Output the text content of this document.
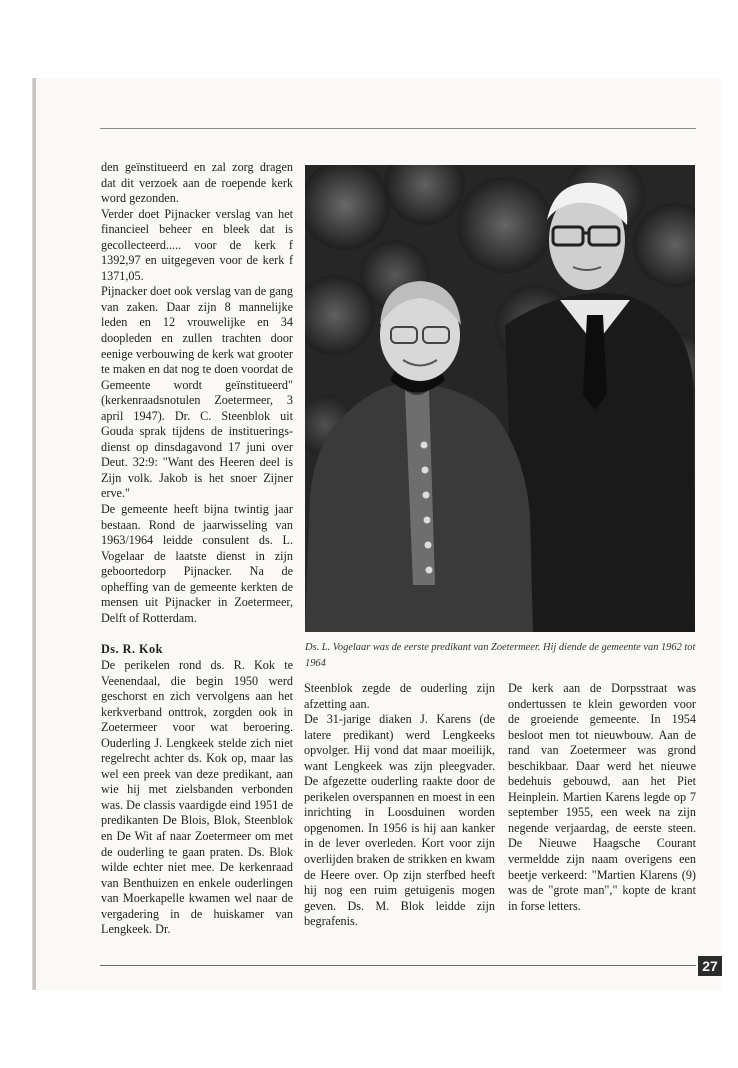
den geïnstitueerd en zal zorg dragen dat dit verzoek aan de roepende kerk word gezonden.

Verder doet Pijnacker verslag van het financieel beheer en bleek dat is gecollecteerd..... voor de kerk f 1392,97 en uitgegeven voor de kerk f 1371,05.

Pijnacker doet ook verslag van de gang van zaken. Daar zijn 8 mannelijke leden en 12 vrouwelijke en 34 doopleden en zullen trachten door eenige verbouwing de kerk wat grooter te maken en dat nog te doen voordat de Gemeente wordt geïnstitueerd" (kerkenraadsnotulen Zoetermeer, 3 april 1947). Dr. C. Steenblok uit Gouda sprak tijdens de institueringsdienst op dinsdagavond 17 juni over Deut. 32:9: "Want des Heeren deel is Zijn volk. Jakob is het snoer Zijner erve."

De gemeente heeft bijna twintig jaar bestaan. Rond de jaarwisseling van 1963/1964 leidde consulent ds. L. Vogelaar de laatste dienst in zijn geboortedorp Pijnacker. Na de opheffing van de gemeente kerkten de mensen uit Pijnacker in Zoetermeer, Delft of Rotterdam.

Ds. R. Kok

De perikelen rond ds. R. Kok te Veenendaal, die begin 1950 werd geschorst en zich vervolgens aan het kerkverband onttrok, zorgden ook in Zoetermeer voor wat beroering. Ouderling J. Lengkeek stelde zich niet regelrecht achter ds. Kok op, maar las wel een preek van deze predikant, aan wie hij met zielsbanden verbonden was. De classis vaardigde eind 1951 de predikanten De Blois, Blok, Steenblok en De Wit af naar Zoetermeer om met de ouderling te gaan praten. Ds. Blok wilde echter niet mee. De kerkenraad van Benthuizen en enkele ouderlingen van Moerkapelle kwamen wel naar de vergadering in de huiskamer van Lengkeek. Dr.

Ds. L. Vogelaar was de eerste predikant van Zoetermeer. Hij diende de gemeente van 1962 tot 1964

Steenblok zegde de ouderling zijn afzetting aan.

De 31-jarige diaken J. Karens (de latere predikant) werd Lengkeeks opvolger. Hij vond dat maar moeilijk, want Lengkeek was zijn pleegvader. De afgezette ouderling raakte door de perikelen overspannen en moest in een inrichting in Loosduinen worden opgenomen. In 1956 is hij aan kanker in de lever overleden. Kort voor zijn overlijden braken de strikken en kwam de Heere over. Op zijn sterfbed heeft hij nog een ruim getuigenis mogen geven. Ds. M. Blok leidde zijn begrafenis.

De kerk aan de Dorpsstraat was ondertussen te klein geworden voor de groeiende gemeente. In 1954 besloot men tot nieuwbouw. Aan de rand van Zoetermeer was grond beschikbaar. Daar werd het nieuwe bedehuis gebouwd, aan het Piet Heinplein. Martien Karens legde op 7 september 1955, een week na zijn negende verjaardag, de eerste steen. De Nieuwe Haagsche Courant vermeldde zijn naam overigens een beetje verkeerd: "Martien Klarens (9) was de "grote man"," kopte de krant in forse letters.

27
